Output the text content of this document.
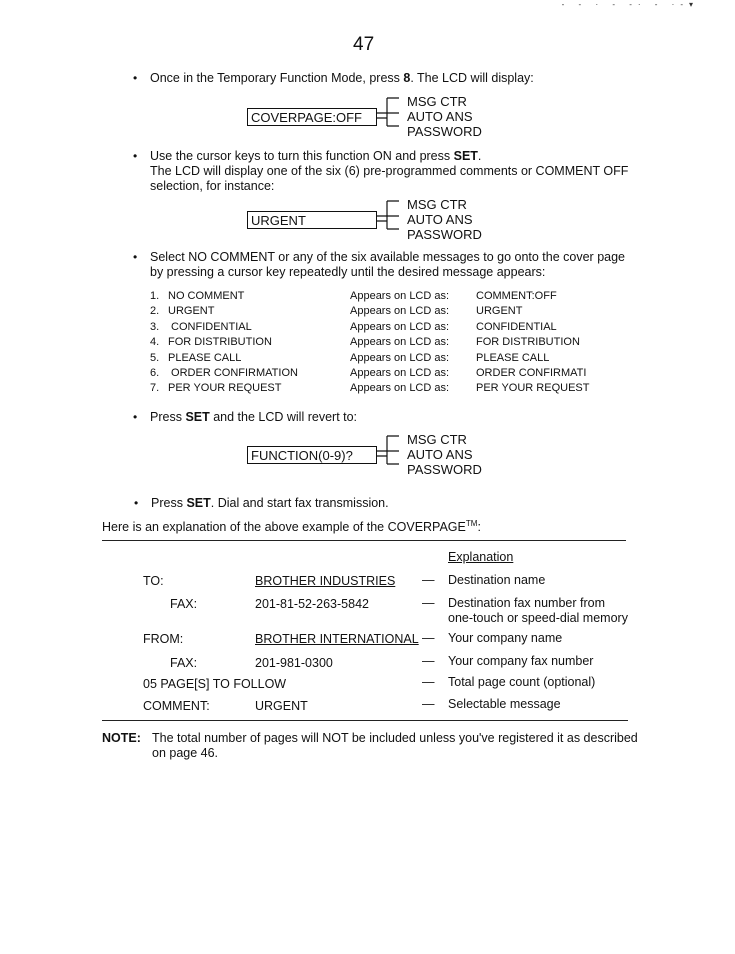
- - · - -· - ·-▾
47
• Once in the Temporary Function Mode, press 8. The LCD will display:
COVERPAGE:OFF
MSG CTR
AUTO ANS
PASSWORD
• Use the cursor keys to turn this function ON and press SET.
The LCD will display one of the six (6) pre-programmed comments or COMMENT OFF
selection, for instance:
URGENT
MSG CTR
AUTO ANS
PASSWORD
• Select NO COMMENT or any of the six available messages to go onto the cover page
by pressing a cursor key repeatedly until the desired message appears:
1. NO COMMENT	Appears on LCD as: COMMENT:OFF
2. URGENT	Appears on LCD as: URGENT
3. CONFIDENTIAL	Appears on LCD as: CONFIDENTIAL
4. FOR DISTRIBUTION	Appears on LCD as: FOR DISTRIBUTION
5. PLEASE CALL	Appears on LCD as: PLEASE CALL
6. ORDER CONFIRMATION	Appears on LCD as: ORDER CONFIRMATI
7. PER YOUR REQUEST	Appears on LCD as: PER YOUR REQUEST
• Press SET and the LCD will revert to:
FUNCTION(0-9)?
MSG CTR
AUTO ANS
PASSWORD
• Press SET. Dial and start fax transmission.
Here is an explanation of the above example of the COVERPAGE™:
Explanation
TO:	BROTHER INDUSTRIES — Destination name
FAX:	201-81-52-263-5842	— Destination fax number from
one-touch or speed-dial memory
FROM:	BROTHER INTERNATIONAL — Your company name
FAX:	201-981-0300	— Your company fax number
05 PAGE[S] TO FOLLOW	— Total page count (optional)
COMMENT:	URGENT	— Selectable message
NOTE: The total number of pages will NOT be included unless you've registered it as described
on page 46.
